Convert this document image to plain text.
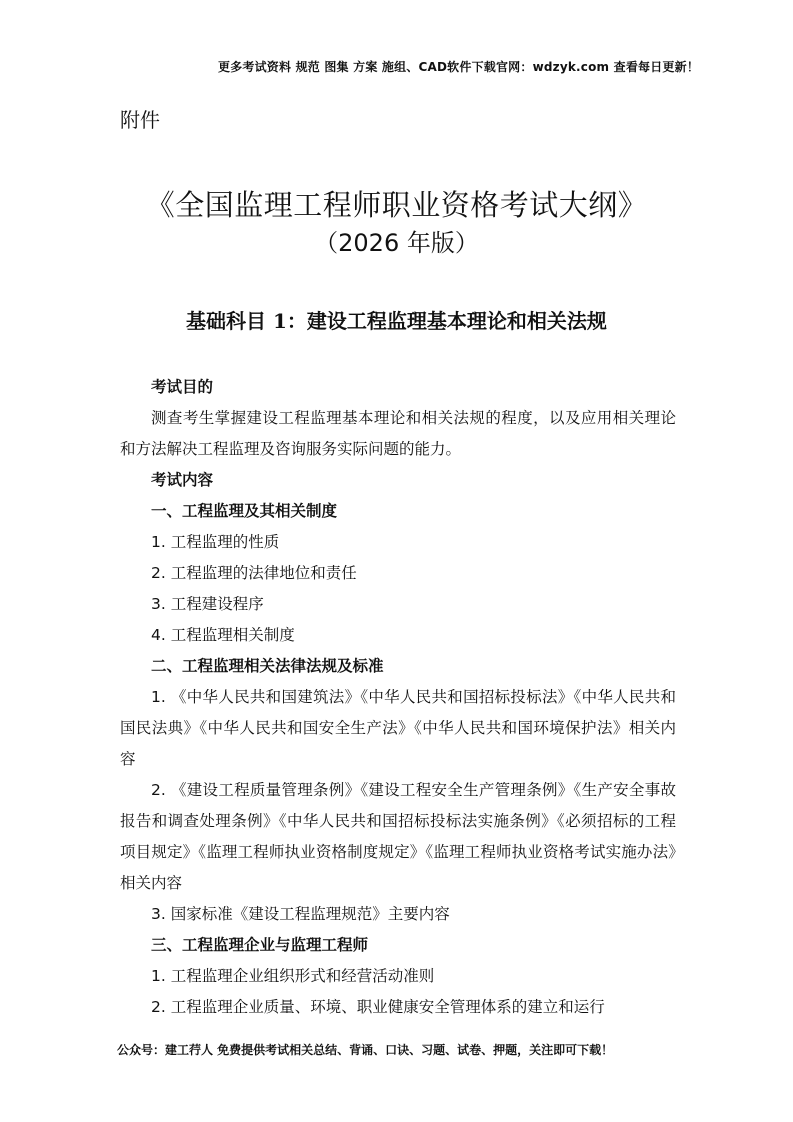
更多考试资料 规范 图集 方案 施组、CAD软件下载官网：wdzyk.com 查看每日更新！
附件
《全国监理工程师职业资格考试大纲》
（2026 年版）
基础科目 1：建设工程监理基本理论和相关法规

考试目的

测查考生掌握建设工程监理基本理论和相关法规的程度，以及应用相关理论和方法解决工程监理及咨询服务实际问题的能力。

考试内容

一、工程监理及其相关制度

1. 工程监理的性质

2. 工程监理的法律地位和责任

3. 工程建设程序

4. 工程监理相关制度

二、工程监理相关法律法规及标准

1. 《中华人民共和国建筑法》《中华人民共和国招标投标法》《中华人民共和国民法典》《中华人民共和国安全生产法》《中华人民共和国环境保护法》相关内容

2. 《建设工程质量管理条例》《建设工程安全生产管理条例》《生产安全事故报告和调查处理条例》《中华人民共和国招标投标法实施条例》《必须招标的工程项目规定》《监理工程师执业资格制度规定》《监理工程师执业资格考试实施办法》相关内容

3. 国家标准《建设工程监理规范》主要内容

三、工程监理企业与监理工程师

1. 工程监理企业组织形式和经营活动准则

2. 工程监理企业质量、环境、职业健康安全管理体系的建立和运行

公众号：建工荇人 免费提供考试相关总结、背诵、口诀、习题、试卷、押题，关注即可下载！
